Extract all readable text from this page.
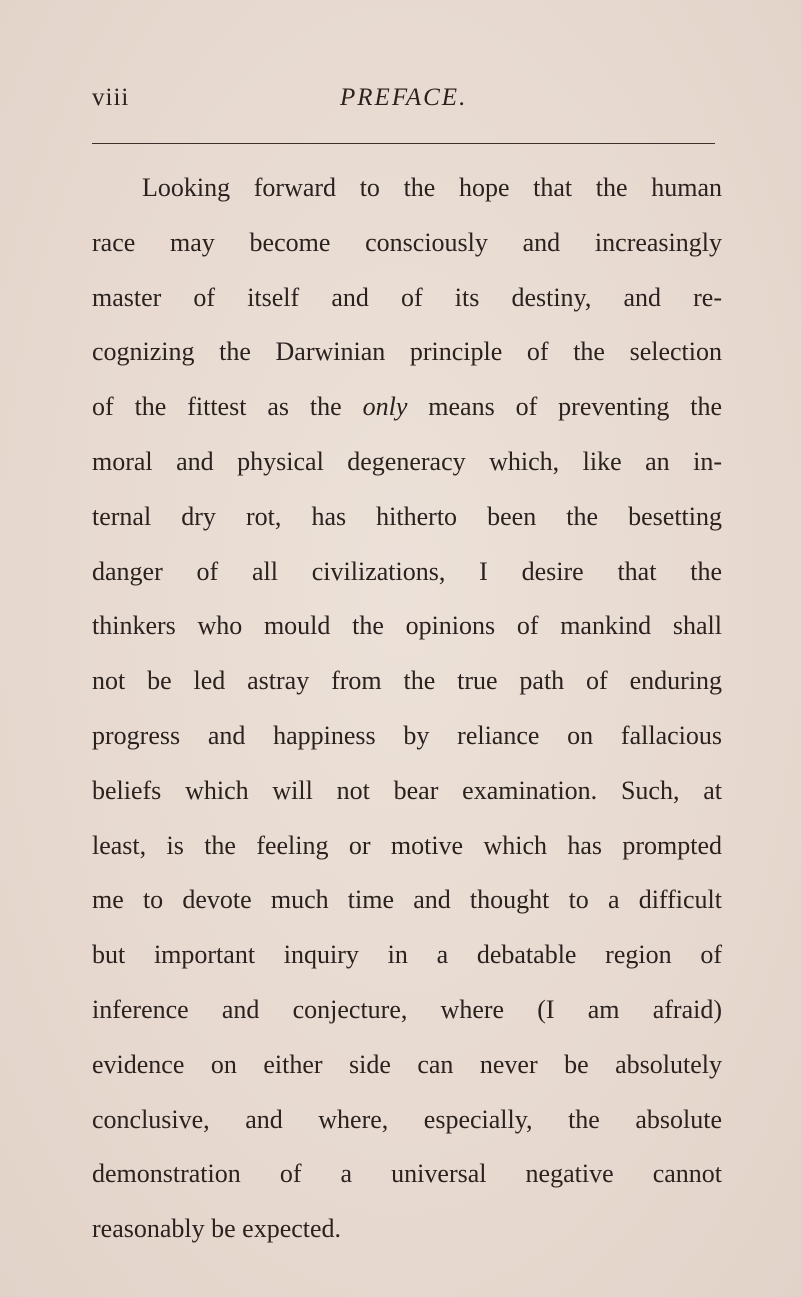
viii	PREFACE.
Looking forward to the hope that the human
race may become consciously and increasingly
master of itself and of its destiny, and re-
cognizing the Darwinian principle of the selection
of the fittest as the only means of preventing the
moral and physical degeneracy which, like an in-
ternal dry rot, has hitherto been the besetting
danger of all civilizations, I desire that the
thinkers who mould the opinions of mankind shall
not be led astray from the true path of enduring
progress and happiness by reliance on fallacious
beliefs which will not bear examination. Such, at
least, is the feeling or motive which has prompted
me to devote much time and thought to a difficult
but important inquiry in a debatable region of
inference and conjecture, where (I am afraid)
evidence on either side can never be absolutely
conclusive, and where, especially, the absolute
demonstration of a universal negative cannot
reasonably be expected.
